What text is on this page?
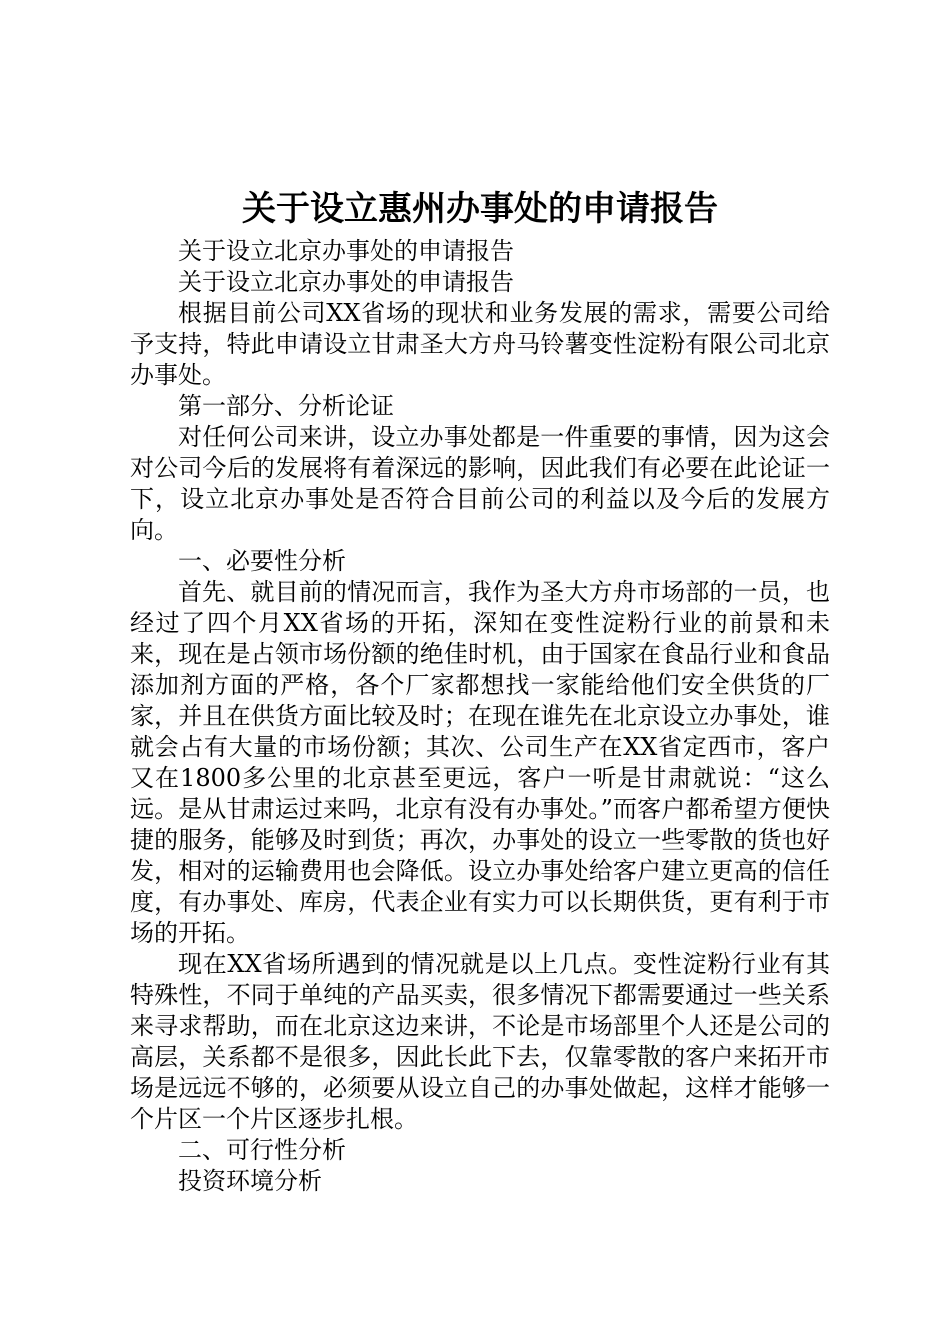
关于设立惠州办事处的申请报告

关于设立北京办事处的申请报告

关于设立北京办事处的申请报告

根据目前公司XX省场的现状和业务发展的需求，需要公司给予支持，特此申请设立甘肃圣大方舟马铃薯变性淀粉有限公司北京办事处。

第一部分、分析论证

对任何公司来讲，设立办事处都是一件重要的事情，因为这会对公司今后的发展将有着深远的影响，因此我们有必要在此论证一下，设立北京办事处是否符合目前公司的利益以及今后的发展方向。

一、必要性分析

首先、就目前的情况而言，我作为圣大方舟市场部的一员，也经过了四个月XX省场的开拓，深知在变性淀粉行业的前景和未来，现在是占领市场份额的绝佳时机，由于国家在食品行业和食品添加剂方面的严格，各个厂家都想找一家能给他们安全供货的厂家，并且在供货方面比较及时；在现在谁先在北京设立办事处，谁就会占有大量的市场份额；其次、公司生产在XX省定西市，客户又在1800多公里的北京甚至更远，客户一听是甘肃就说：“这么远。是从甘肃运过来吗，北京有没有办事处。”而客户都希望方便快捷的服务，能够及时到货；再次，办事处的设立一些零散的货也好发，相对的运输费用也会降低。设立办事处给客户建立更高的信任度，有办事处、库房，代表企业有实力可以长期供货，更有利于市场的开拓。

现在XX省场所遇到的情况就是以上几点。变性淀粉行业有其特殊性，不同于单纯的产品买卖，很多情况下都需要通过一些关系来寻求帮助，而在北京这边来讲，不论是市场部里个人还是公司的高层，关系都不是很多，因此长此下去，仅靠零散的客户来拓开市场是远远不够的，必须要从设立自己的办事处做起，这样才能够一个片区一个片区逐步扎根。

二、可行性分析

投资环境分析
